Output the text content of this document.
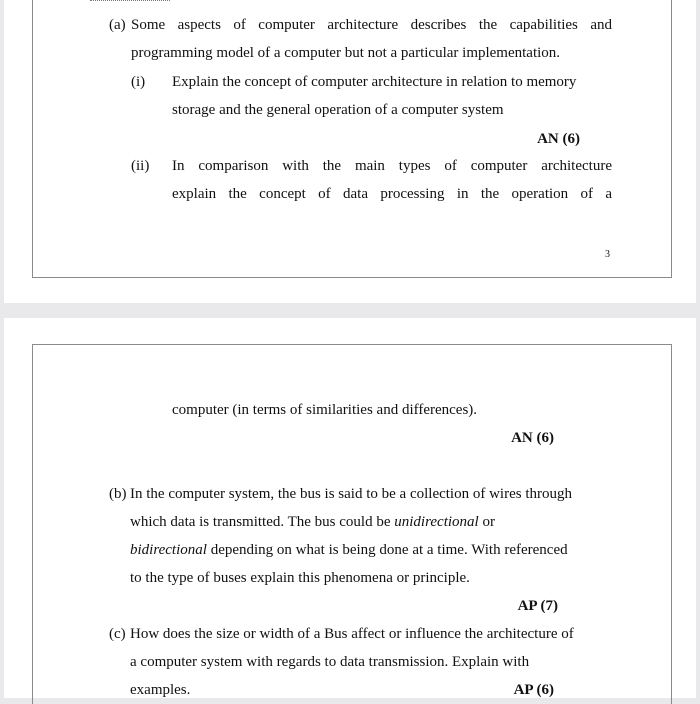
(a) Some aspects of computer architecture describes the capabilities and
programming model of a computer but not a particular implementation.
(i) Explain the concept of computer architecture in relation to memory
storage and the general operation of a computer system
AN (6)
(ii) In comparison with the main types of computer architecture
explain the concept of data processing in the operation of a
3
computer (in terms of similarities and differences).
AN (6)
(b) In the computer system, the bus is said to be a collection of wires through
which data is transmitted. The bus could be unidirectional or
bidirectional depending on what is being done at a time. With referenced
to the type of buses explain this phenomena or principle.
AP (7)
(c) How does the size or width of a Bus affect or influence the architecture of
a computer system with regards to data transmission. Explain with
examples.	AP (6)
